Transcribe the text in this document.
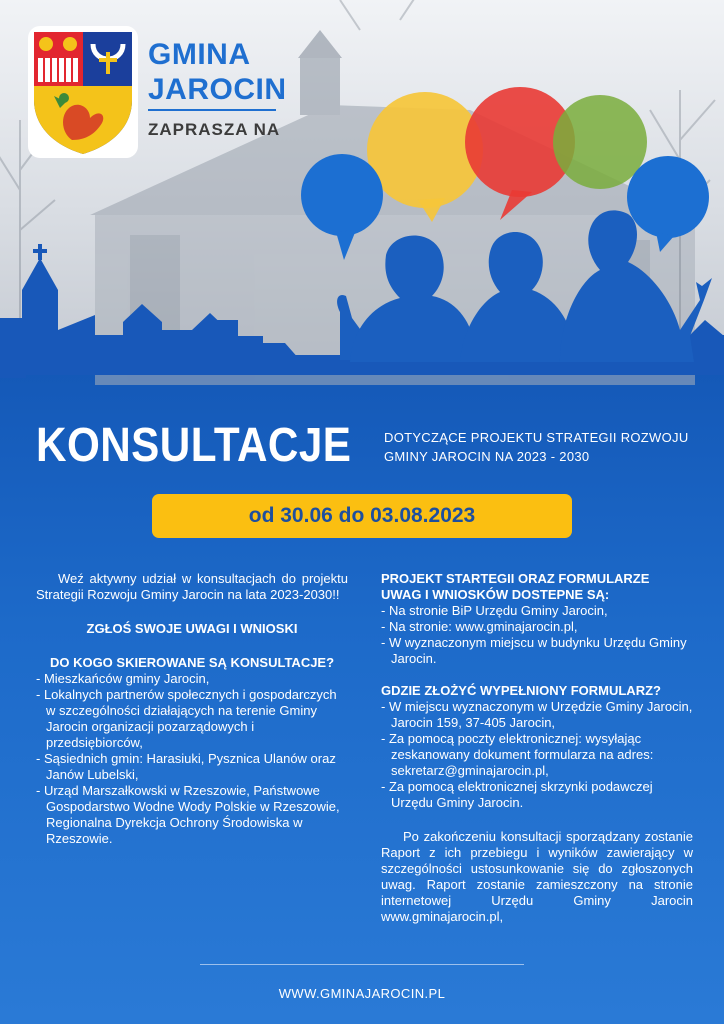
GMINA
JAROCIN
ZAPRASZA NA
KONSULTACJE	DOTYCZĄCE PROJEKTU STRATEGII ROZWOJU
GMINY JAROCIN NA 2023 - 2030
od 30.06 do 03.08.2023

Weź aktywny udział w konsultacjach do projektu Strategii Rozwoju Gminy Jarocin na lata 2023-2030!!

ZGŁOŚ SWOJE UWAGI I WNIOSKI

DO KOGO SKIEROWANE SĄ KONSULTACJE?

- Mieszkańców gminy Jarocin,
- Lokalnych partnerów społecznych i gospodarczych w szczególności działających na terenie Gminy Jarocin organizacji pozarządowych i przedsiębiorców,
- Sąsiednich gmin: Harasiuki, Pysznica Ulanów oraz Janów Lubelski,
- Urząd Marszałkowski w Rzeszowie, Państwowe Gospodarstwo Wodne Wody Polskie w Rzeszowie, Regionalna Dyrekcja Ochrony Środowiska w Rzeszowie.

PROJEKT STARTEGII ORAZ FORMULARZE UWAG I WNIOSKÓW DOSTEPNE SĄ:

- Na stronie BiP Urzędu Gminy Jarocin,
- Na stronie: www.gminajarocin.pl,
- W wyznaczonym miejscu w budynku Urzędu Gminy Jarocin.

GDZIE ZŁOŻYĆ WYPEŁNIONY FORMULARZ?

- W miejscu wyznaczonym w Urzędzie Gminy Jarocin, Jarocin 159, 37-405 Jarocin,
- Za pomocą poczty elektronicznej: wysyłając zeskanowany dokument formularza na adres: sekretarz@gminajarocin.pl,
- Za pomocą elektronicznej skrzynki podawczej Urzędu Gminy Jarocin.

Po zakończeniu konsultacji sporządzany zostanie Raport z ich przebiegu i wyników zawierający w szczególności ustosunkowanie się do zgłoszonych uwag. Raport zostanie zamieszczony na stronie internetowej Urzędu Gminy Jarocin www.gminajarocin.pl,

WWW.GMINAJAROCIN.PL
